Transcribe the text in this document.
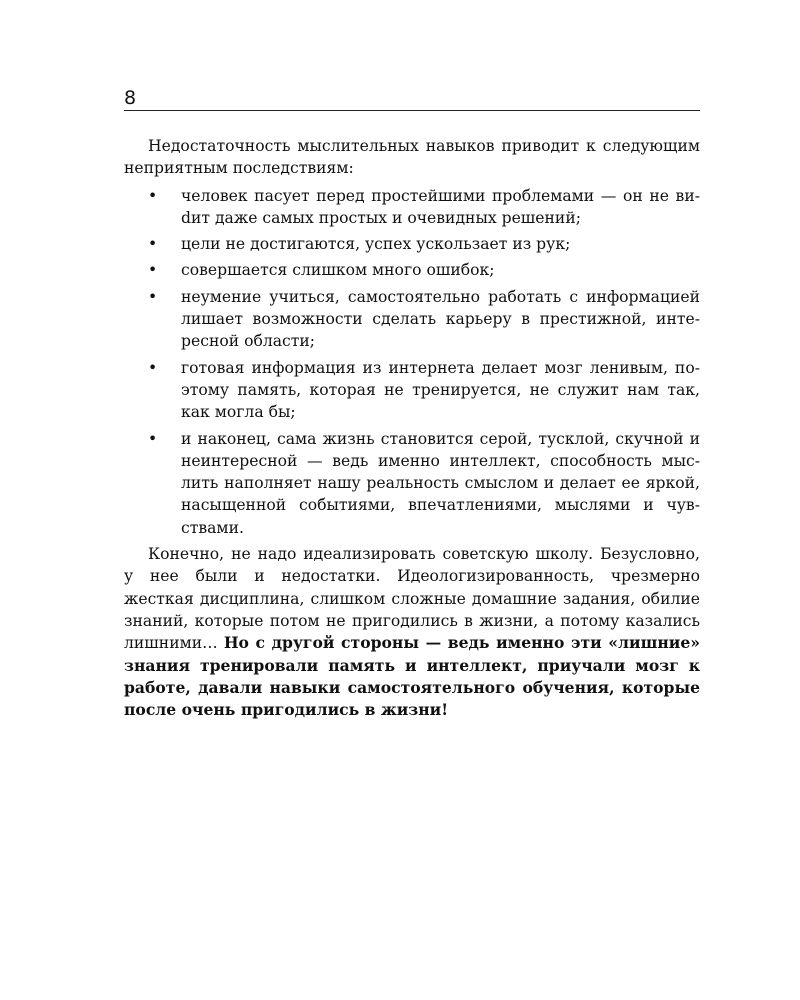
8

Недостаточность мыслительных навыков приводит к следующим неприятным последствиям:

• человек пасует перед простейшими проблемами — он не виdит даже самых простых и очевидных решений;
• цели не достигаются, успех ускользает из рук;
• совершается слишком много ошибок;
• неумение учиться, самостоятельно работать с информацией лишает возможности сделать карьеру в престижной, интересной области;
• готовая информация из интернета делает мозг ленивым, поэтому память, которая не тренируется, не служит нам так, как могла бы;
• и наконец, сама жизнь становится серой, тусклой, скучной и неинтересной — ведь именно интеллект, способность мыслить наполняет нашу реальность смыслом и делает ее яркой, насыщенной событиями, впечатлениями, мыслями и чувствами.

Конечно, не надо идеализировать советскую школу. Безусловно, у нее были и недостатки. Идеологизированность, чрезмерно жесткая дисциплина, слишком сложные домашние задания, обилие знаний, которые потом не пригодились в жизни, а потому казались лишними… Но с другой стороны — ведь именно эти «лишние» знания тренировали память и интеллект, приучали мозг к работе, давали навыки самостоятельного обучения, которые после очень пригодились в жизни!
